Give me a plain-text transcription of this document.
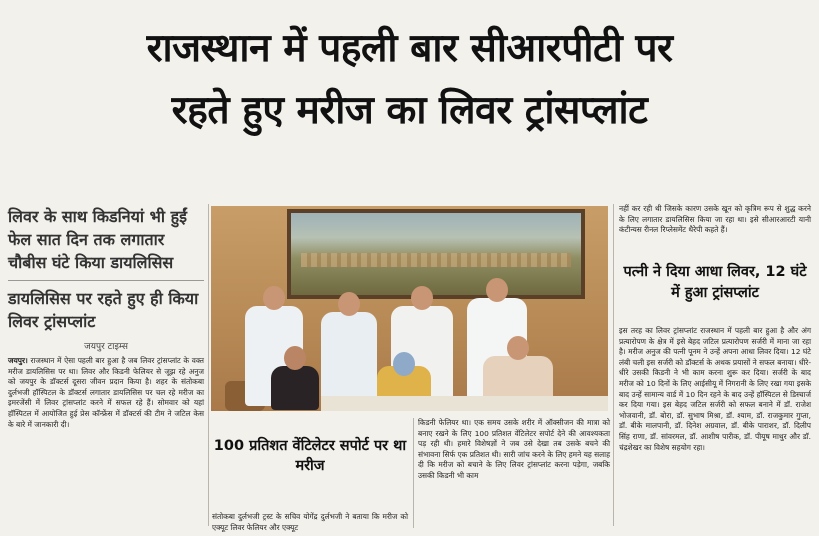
राजस्थान में पहली बार सीआरपीटी पर
रहते हुए मरीज का लिवर ट्रांसप्लांट

लिवर के साथ किडनियां भी हुईं फेल सात दिन तक लगातार चौबीस घंटे किया डायलिसिस

डायलिसिस पर रहते हुए ही किया लिवर ट्रांसप्लांट

जयपुर टाइम्स

जयपुर। राजस्थान में ऐसा पहली बार हुआ है जब लिवर ट्रांसप्लांट के वक्त मरीज डायलिसिस पर था। लिवर और किडनी फेलियर से जूझ रहे अनुज को जयपुर के डॉक्टर्स दूसरा जीवन प्रदान किया है। शहर के संतोकबा दुर्लभजी हॉस्पिटल के डॉक्टर्स लगातार डायलिसिस पर चल रहे मरीज का इमरजेंसी में लिवर ट्रांसप्लांट करने में सफल रहे हैं। सोमवार को यहां हॉस्पिटल में आयोजित हुई प्रेस कॉन्फ्रेंस में डॉक्टर्स की टीम ने जटिल केस के बारे में जानकारी दी।

100 प्रतिशत वेंटिलेटर सपोर्ट पर था मरीज

संतोकबा दुर्लभजी ट्रस्ट के सचिव योगेंद्र दुर्लभजी ने बताया कि मरीज को एक्यूट लिवर फेलियर और एक्यूट

किडनी फेलियर था। एक समय उसके शरीर में ऑक्सीजन की मात्रा को बनाए रखने के लिए 100 प्रतिशत वेंटिलेटर सपोर्ट देने की आवश्यकता पड़ रही थी। हमारे विशेषज्ञों ने जब उसे देखा तब उसके बचने की संभावना सिर्फ एक प्रतिशत थी। सारी जांच करने के लिए हमने यह सलाह दी कि मरीज को बचाने के लिए लिवर ट्रांसप्लांट करना पड़ेगा, जबकि उसकी किडनी भी काम

नहीं कर रही थी जिसके कारण उसके खून को कृत्रिम रूप से शुद्ध करने के लिए लगातार डायलिसिस किया जा रहा था। इसे सीआरआरटी यानी कंटीन्यस रीनल रिप्लेसमेंट थैरेपी कहते हैं।

पत्नी ने दिया आधा लिवर, 12 घंटे में हुआ ट्रांसप्लांट

इस तरह का लिवर ट्रांसप्लांट राजस्थान में पहली बार हुआ है और अंग प्रत्यारोपण के क्षेत्र में इसे बेहद जटिल प्रत्यारोपण सर्जरी में माना जा रहा है। मरीज अनुज की पत्नी पूनम ने उन्हें अपना आधा लिवर दिया। 12 घंटे लंबी चली इस सर्जरी को डॉक्टर्स के अथक प्रयासों ने सफल बनाया। धीरे-धीरे उसकी किडनी ने भी काम करना शुरू कर दिया। सर्जरी के बाद मरीज को 10 दिनों के लिए आईसीयू में निगरानी के लिए रखा गया इसके बाद उन्हें सामान्य वार्ड में 10 दिन रहने के बाद उन्हें हॉस्पिटल से डिस्चार्ज कर दिया गया। इस बेहद जटिल सर्जरी को सफल बनाने में डॉ. राजेश भोजवानी, डॉ. बोरा, डॉ. सुभाष मिश्रा, डॉ. श्याम, डॉ. राजकुमार गुप्ता, डॉ. बीके मालपानी, डॉ. दिनेश अग्रवाल, डॉ. बीके पाराशर, डॉ. दिलीप सिंह राणा, डॉ. सांवरमल, डॉ. आशीष पारीक, डॉ. पीयूष माथुर और डॉ. चंद्रशेखर का विशेष सहयोग रहा।
